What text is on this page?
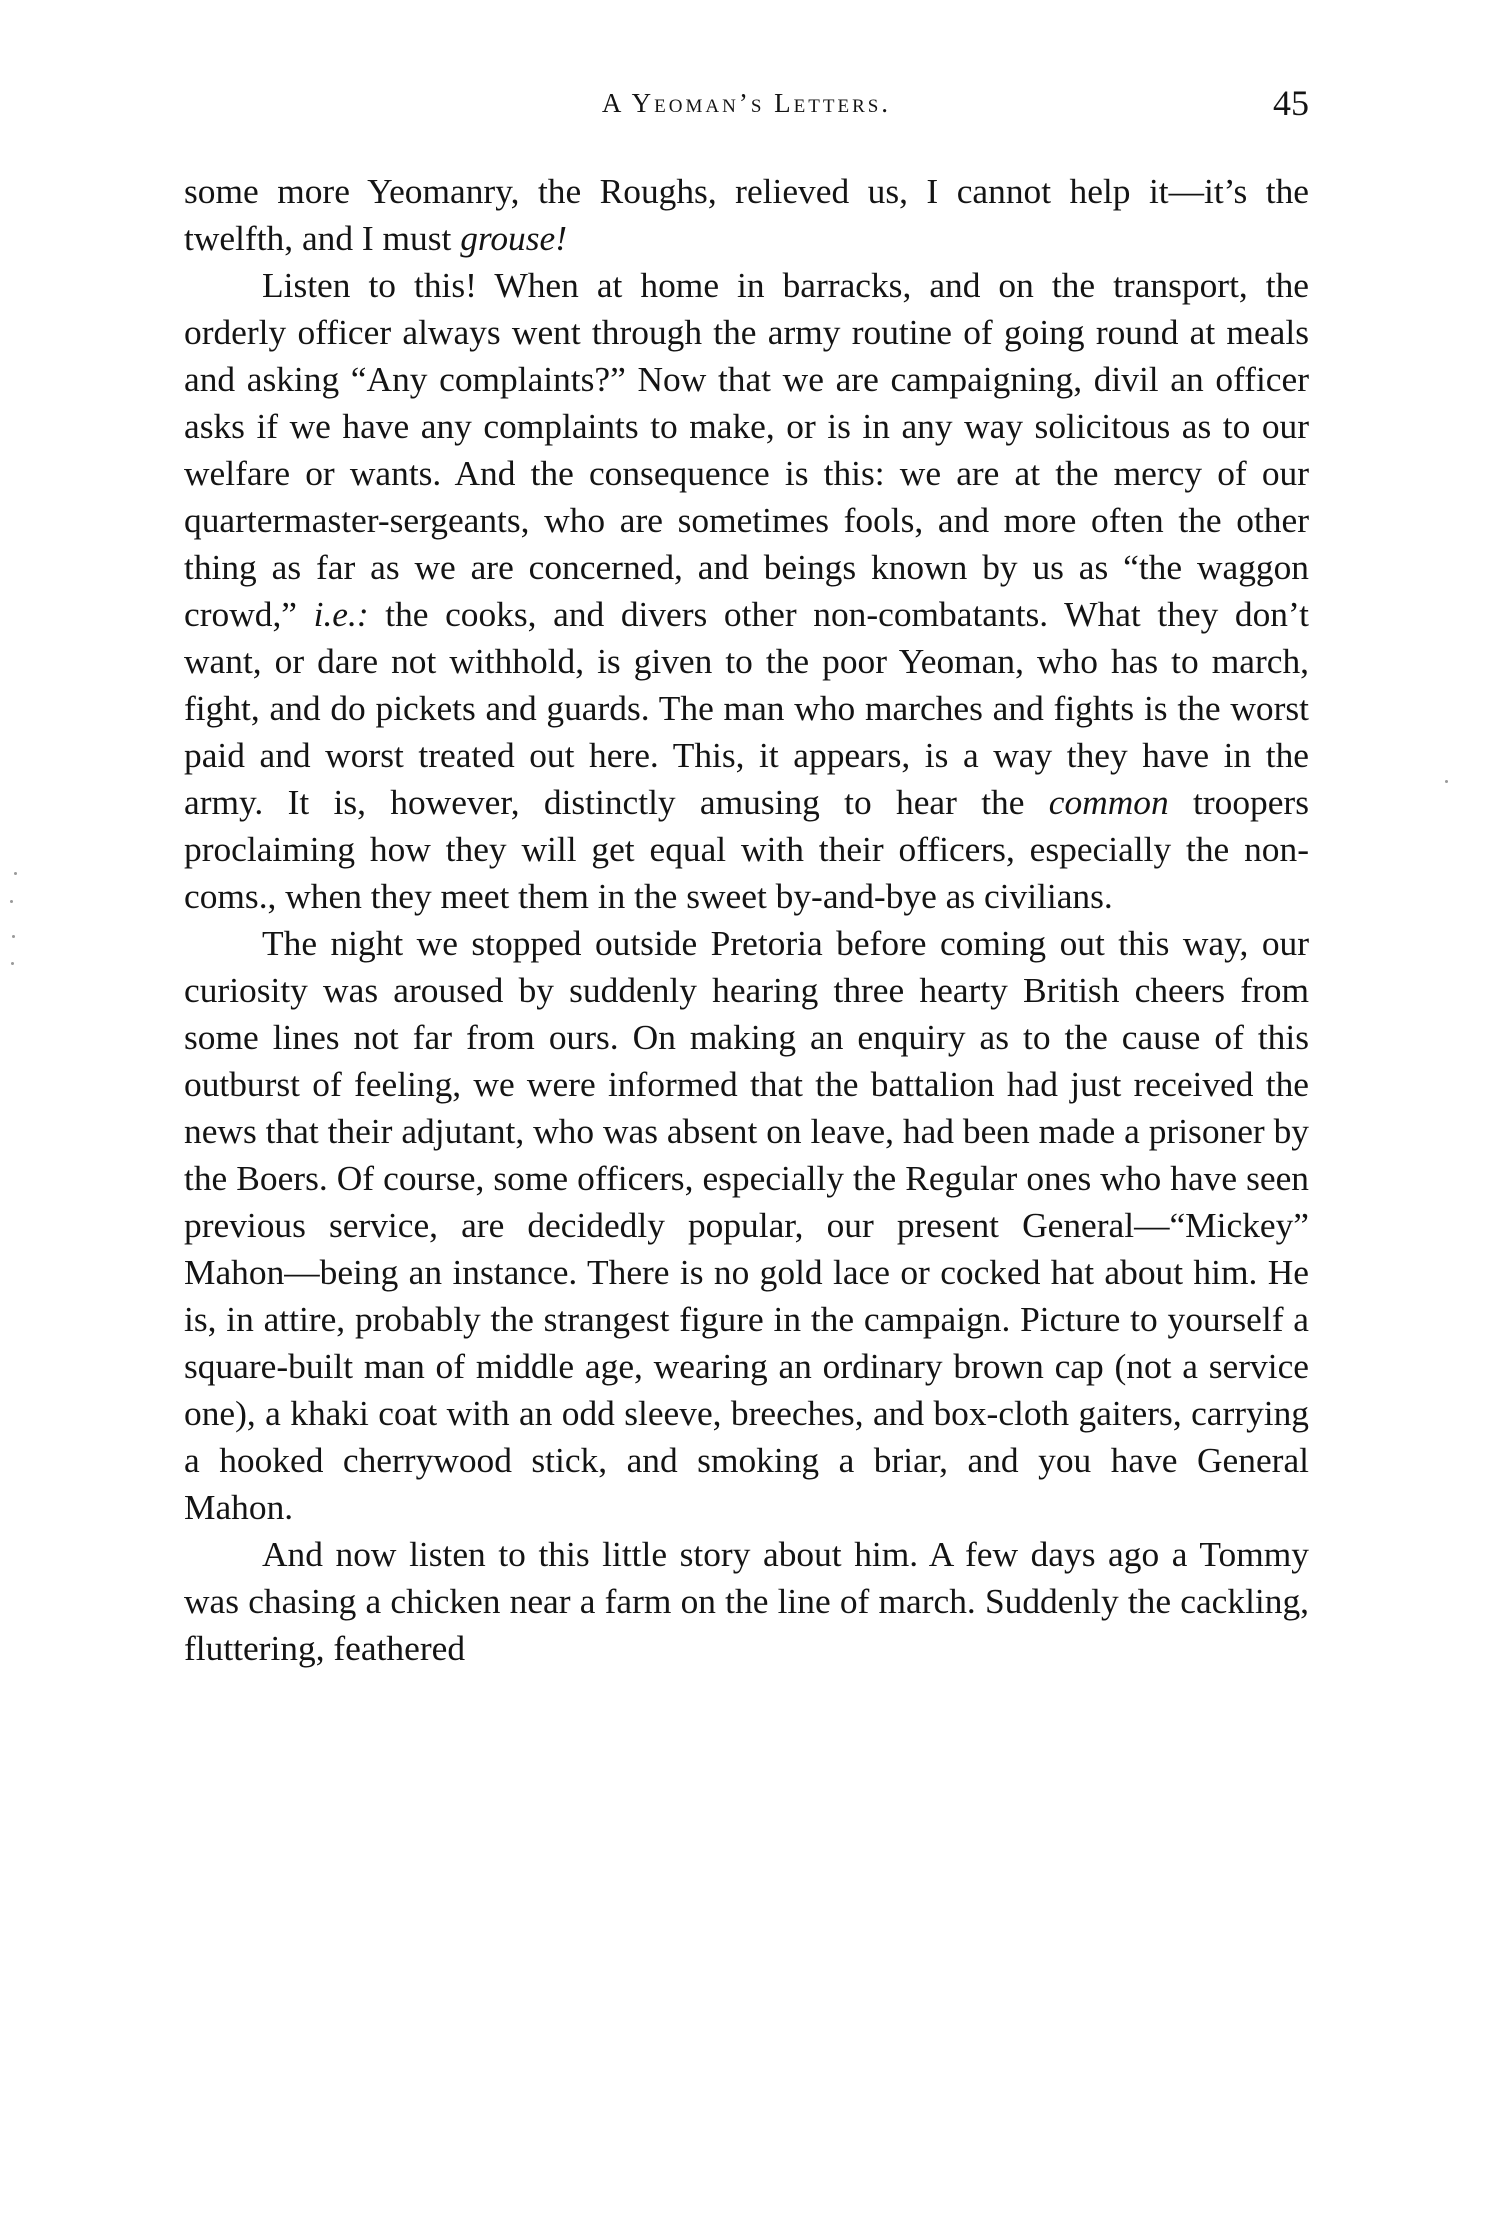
A Yeoman’s Letters.	45

some more Yeomanry, the Roughs, relieved us, I cannot help it—it’s the twelfth, and I must grouse!

Listen to this! When at home in barracks, and on the transport, the orderly officer always went through the army routine of going round at meals and asking “Any complaints?” Now that we are campaigning, divil an officer asks if we have any complaints to make, or is in any way solicitous as to our welfare or wants. And the consequence is this: we are at the mercy of our quartermaster-sergeants, who are sometimes fools, and more often the other thing as far as we are concerned, and beings known by us as “the waggon crowd,” i.e.: the cooks, and divers other non-combatants. What they don’t want, or dare not withhold, is given to the poor Yeoman, who has to march, fight, and do pickets and guards. The man who marches and fights is the worst paid and worst treated out here. This, it appears, is a way they have in the army. It is, however, distinctly amusing to hear the common troopers proclaiming how they will get equal with their officers, especially the non-coms., when they meet them in the sweet by-and-bye as civilians.

The night we stopped outside Pretoria before coming out this way, our curiosity was aroused by suddenly hearing three hearty British cheers from some lines not far from ours. On making an enquiry as to the cause of this outburst of feeling, we were informed that the battalion had just received the news that their adjutant, who was absent on leave, had been made a prisoner by the Boers. Of course, some officers, especially the Regular ones who have seen previous service, are decidedly popular, our present General—“Mickey” Mahon—being an instance. There is no gold lace or cocked hat about him. He is, in attire, probably the strangest figure in the campaign. Picture to yourself a square-built man of middle age, wearing an ordinary brown cap (not a service one), a khaki coat with an odd sleeve, breeches, and box-cloth gaiters, carrying a hooked cherrywood stick, and smoking a briar, and you have General Mahon.

And now listen to this little story about him. A few days ago a Tommy was chasing a chicken near a farm on the line of march. Suddenly the cackling, fluttering, feathered
